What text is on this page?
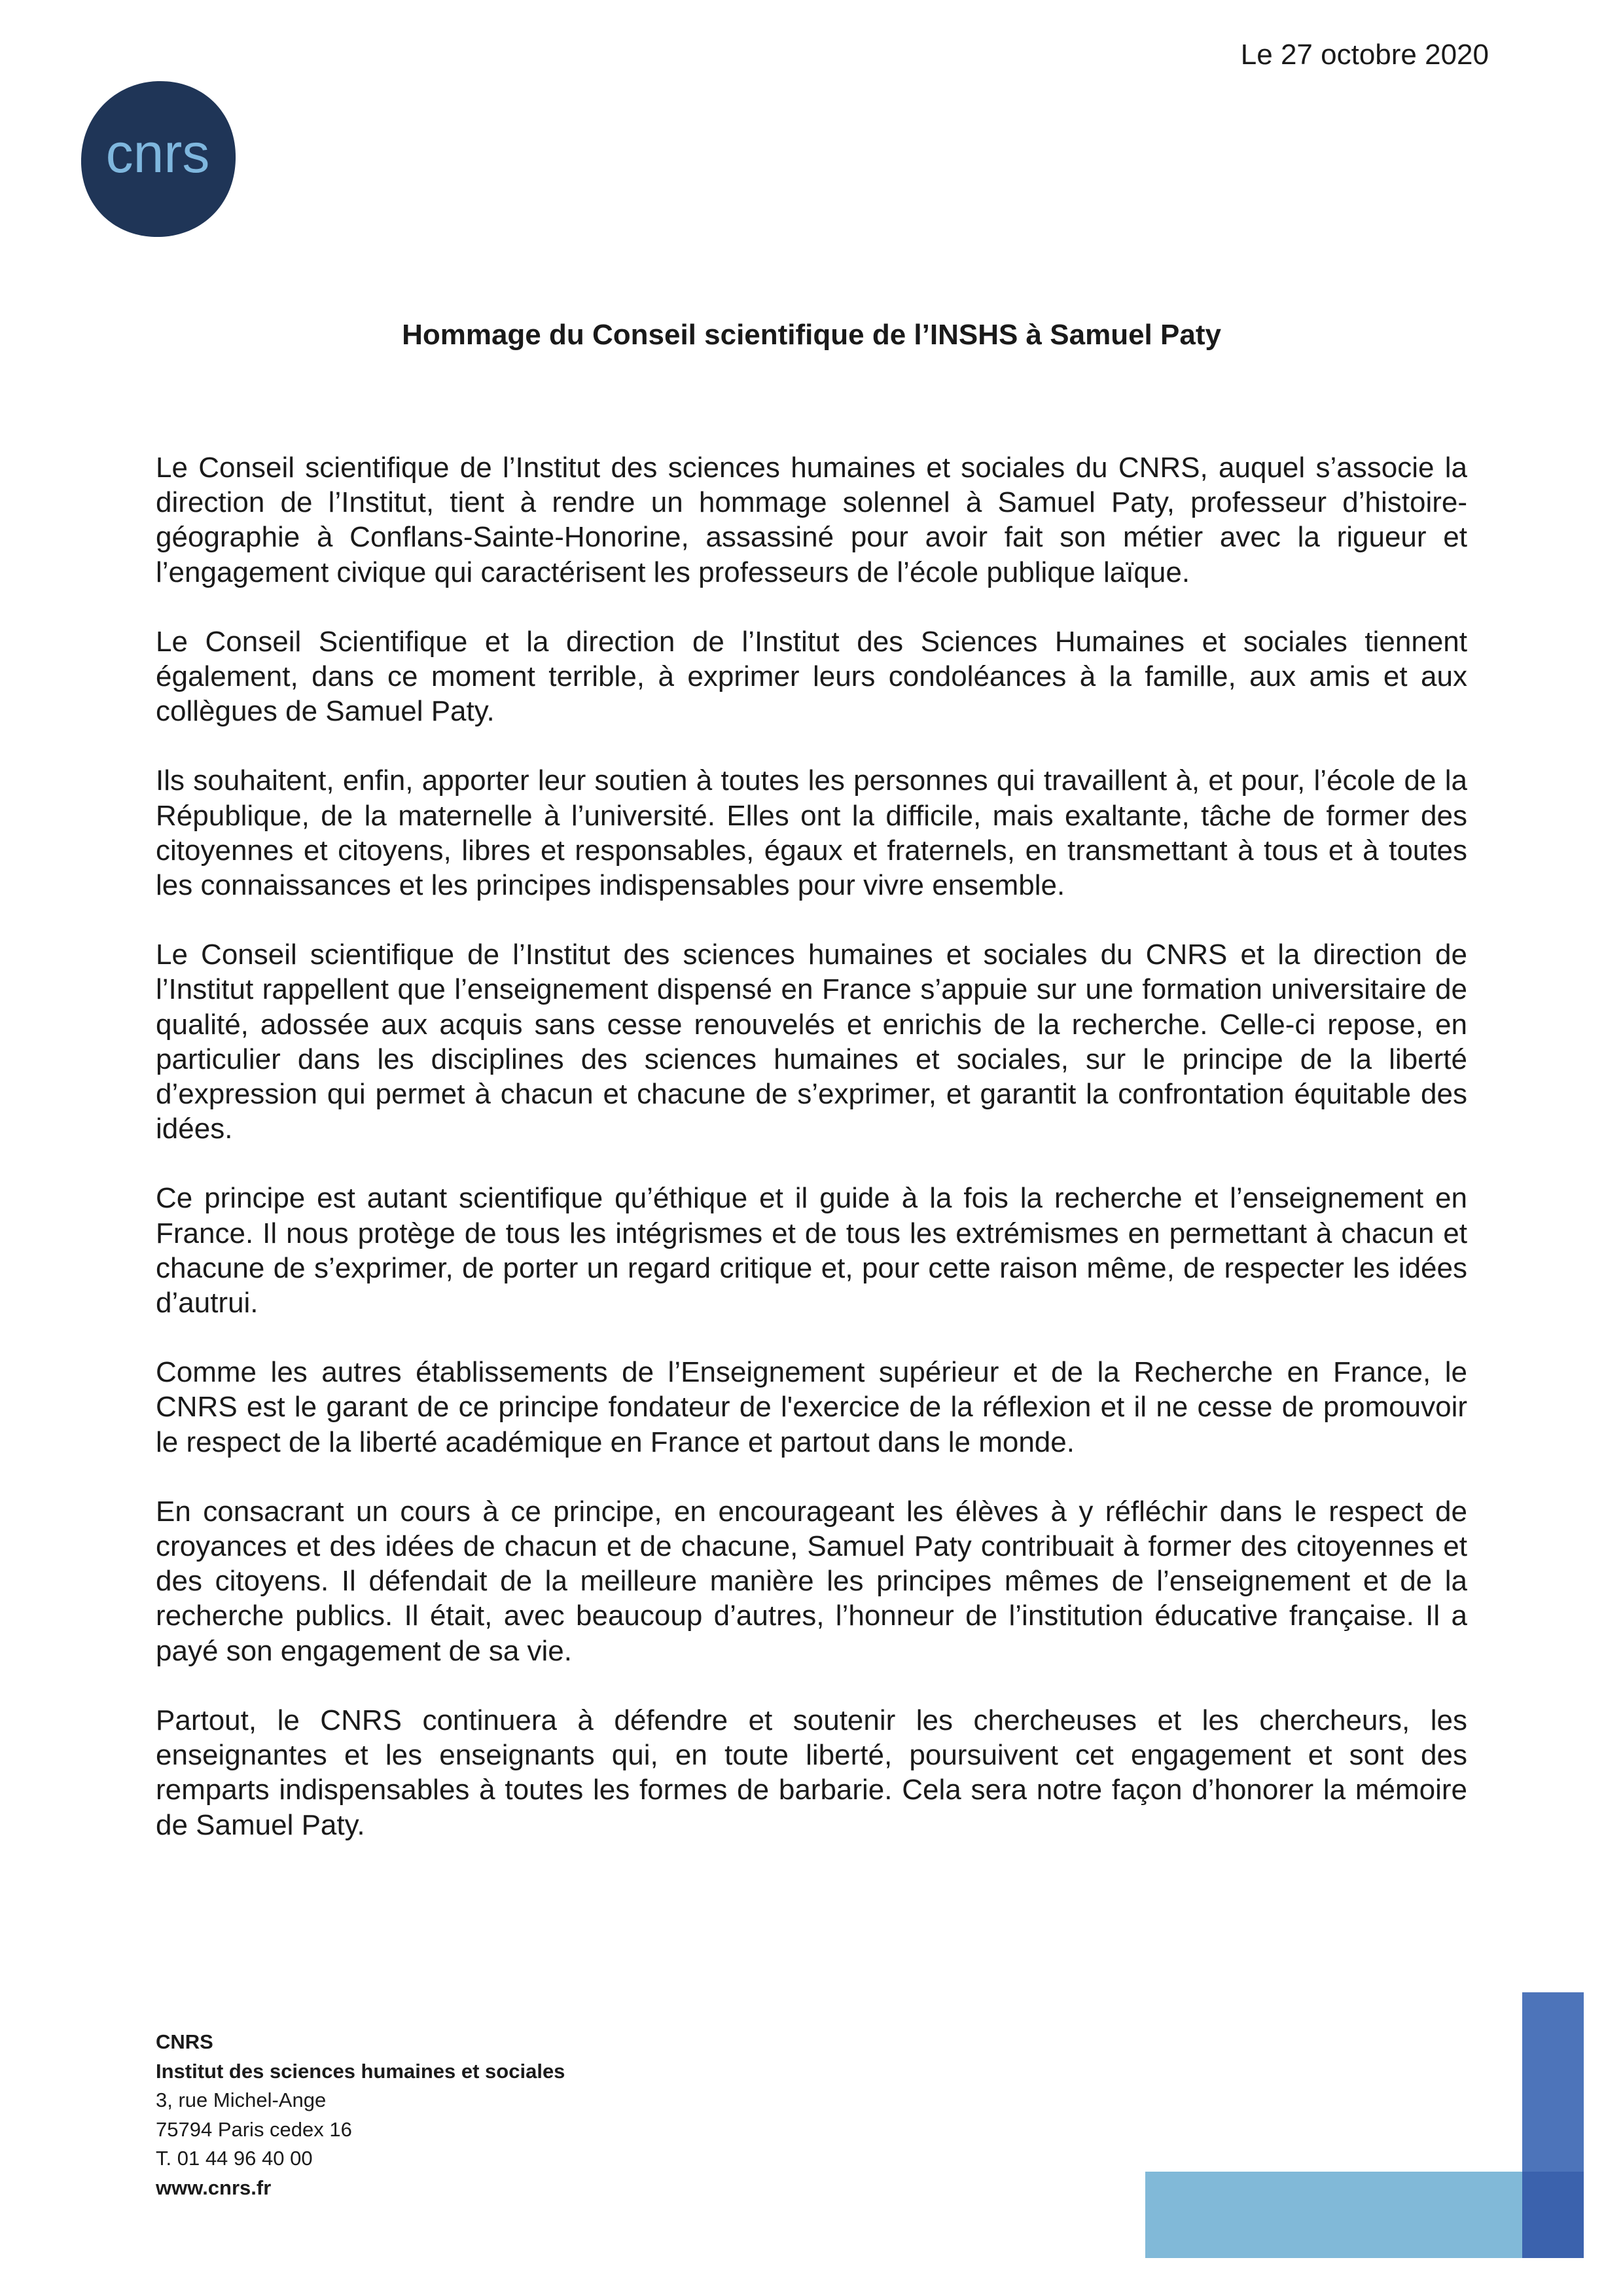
Le 27 octobre 2020
cnrs
Hommage du Conseil scientifique de l’INSHS à Samuel Paty

Le Conseil scientifique de l’Institut des sciences humaines et sociales du CNRS, auquel s’associe la direction de l’Institut, tient à rendre un hommage solennel à Samuel Paty, professeur d’histoire-géographie à Conflans-Sainte-Honorine, assassiné pour avoir fait son métier avec la rigueur et l’engagement civique qui caractérisent les professeurs de l’école publique laïque.

Le Conseil Scientifique et la direction de l’Institut des Sciences Humaines et sociales tiennent également, dans ce moment terrible, à exprimer leurs condoléances à la famille, aux amis et aux collègues de Samuel Paty.

Ils souhaitent, enfin, apporter leur soutien à toutes les personnes qui travaillent à, et pour, l’école de la République, de la maternelle à l’université. Elles ont la difficile, mais exaltante, tâche de former des citoyennes et citoyens, libres et responsables, égaux et fraternels, en transmettant à tous et à toutes les connaissances et les principes indispensables pour vivre ensemble.

Le Conseil scientifique de l’Institut des sciences humaines et sociales du CNRS et la direction de l’Institut rappellent que l’enseignement dispensé en France s’appuie sur une formation universitaire de qualité, adossée aux acquis sans cesse renouvelés et enrichis de la recherche. Celle-ci repose, en particulier dans les disciplines des sciences humaines et sociales, sur le principe de la liberté d’expression qui permet à chacun et chacune de s’exprimer, et garantit la confrontation équitable des idées.

Ce principe est autant scientifique qu’éthique et il guide à la fois la recherche et l’enseignement en France. Il nous protège de tous les intégrismes et de tous les extrémismes en permettant à chacun et chacune de s’exprimer, de porter un regard critique et, pour cette raison même, de respecter les idées d’autrui.

Comme les autres établissements de l’Enseignement supérieur et de la Recherche en France, le CNRS est le garant de ce principe fondateur de l'exercice de la réflexion et il ne cesse de promouvoir le respect de la liberté académique en France et partout dans le monde.

En consacrant un cours à ce principe, en encourageant les élèves à y réfléchir dans le respect de croyances et des idées de chacun et de chacune, Samuel Paty contribuait à former des citoyennes et des citoyens. Il défendait de la meilleure manière les principes mêmes de l’enseignement et de la recherche publics. Il était, avec beaucoup d’autres, l’honneur de l’institution éducative française. Il a payé son engagement de sa vie.

Partout, le CNRS continuera à défendre et soutenir les chercheuses et les chercheurs, les enseignantes et les enseignants qui, en toute liberté, poursuivent cet engagement et sont des remparts indispensables à toutes les formes de barbarie. Cela sera notre façon d’honorer la mémoire de Samuel Paty.

CNRS
Institut des sciences humaines et sociales
3, rue Michel-Ange
75794 Paris cedex 16
T. 01 44 96 40 00
www.cnrs.fr
